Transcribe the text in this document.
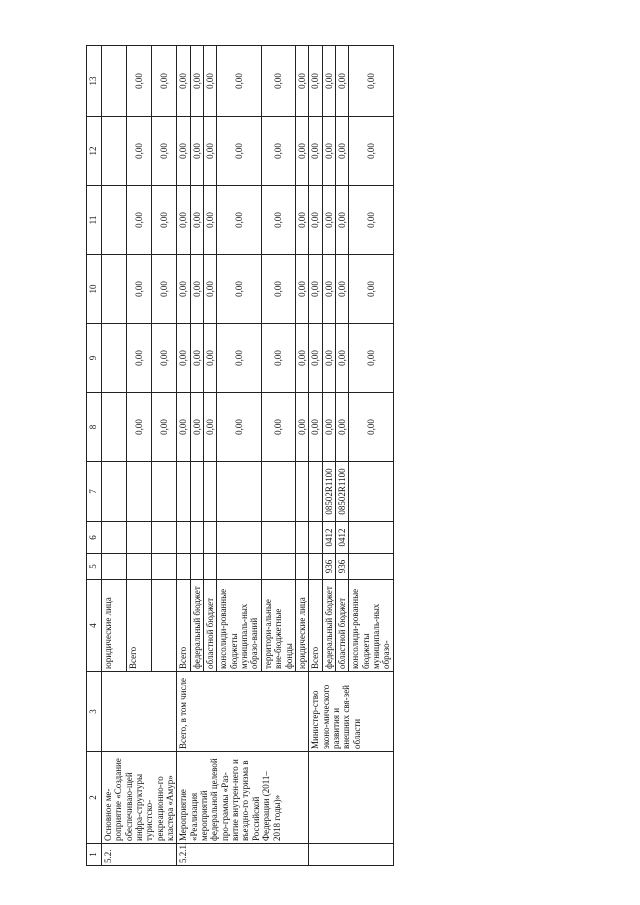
1	2	3	4	5	6	7	8	9	10	11	12	13
5.2.	Основное ме-роприятие «Создание обеспечиваю-щей инфра-структуры туристско-рекреационно-го кластера «Амур»		юридические лица									
			Всего				0,00	0,00	0,00	0,00	0,00	0,00
							0,00	0,00	0,00	0,00	0,00	0,00
5.2.1.	Мероприятие «Реализация мероприятий федеральной целевой про-граммы «Раз-витие внутрен-него и въездно-го туризма в Российской Федерации (2011–2018 годы)»	Всего, в том числе	Всего				0,00	0,00	0,00	0,00	0,00	0,00
			федеральный бюджет				0,00	0,00	0,00	0,00	0,00	0,00
			областной бюджет				0,00	0,00	0,00	0,00	0,00	0,00
			консолиди-рованные бюджеты муниципаль-ных образо-ваний				0,00	0,00	0,00	0,00	0,00	0,00
			территори-альные вне-бюджетные фонды				0,00	0,00	0,00	0,00	0,00	0,00
			юридические лица				0,00	0,00	0,00	0,00	0,00	0,00
		Министер-ство эконо-мического развития и внешних свя-зей области	Всего				0,00	0,00	0,00	0,00	0,00	0,00
			федеральный бюджет	936	0412	08502R1100	0,00	0,00	0,00	0,00	0,00	0,00
			областной бюджет	936	0412	08502R1100	0,00	0,00	0,00	0,00	0,00	0,00
			консолиди-рованные бюджеты муниципаль-ных образо-				0,00	0,00	0,00	0,00	0,00	0,00
